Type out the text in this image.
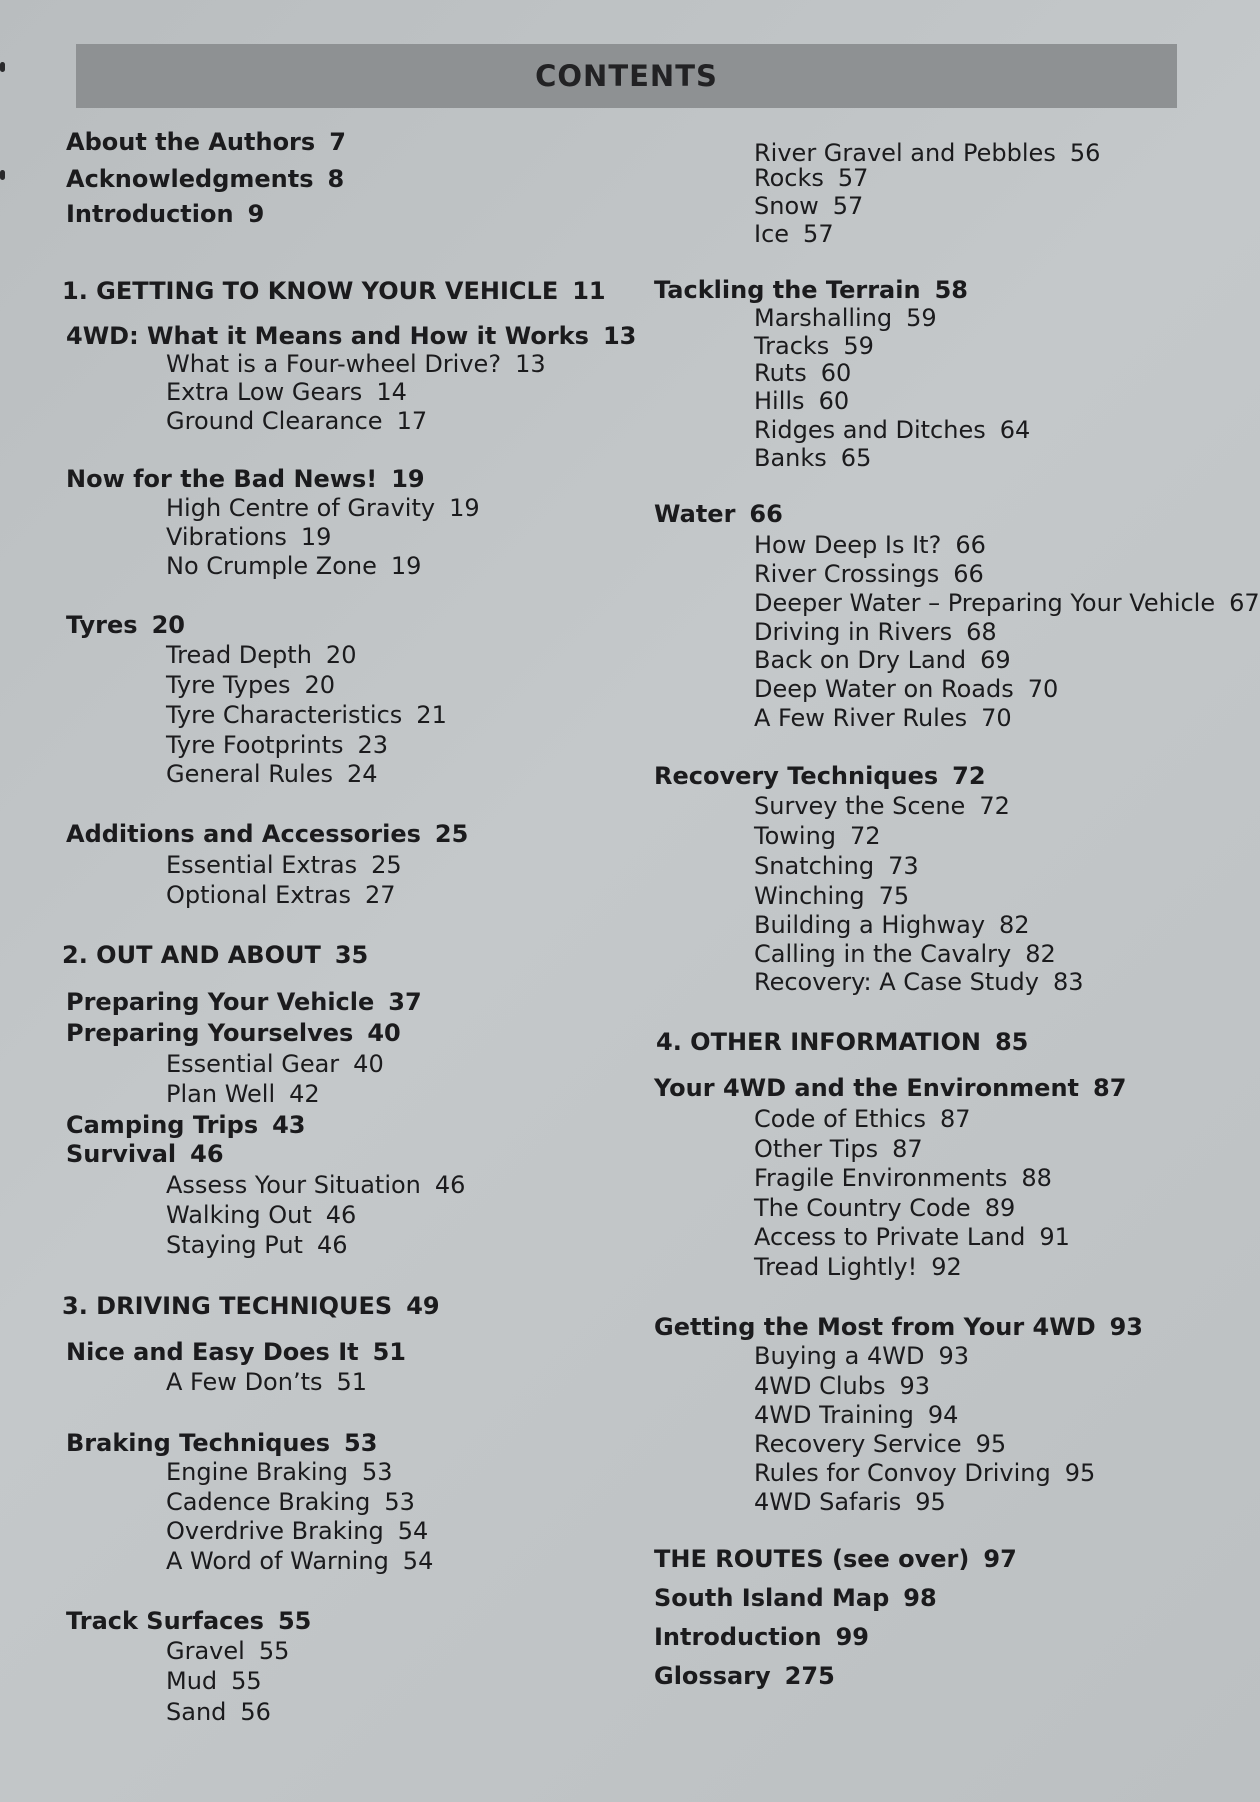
CONTENTS
About the Authors 7
Acknowledgments 8
Introduction 9
1. GETTING TO KNOW YOUR VEHICLE 11
4WD: What it Means and How it Works 13
What is a Four-wheel Drive? 13
Extra Low Gears 14
Ground Clearance 17
Now for the Bad News! 19
High Centre of Gravity 19
Vibrations 19
No Crumple Zone 19
Tyres 20
Tread Depth 20
Tyre Types 20
Tyre Characteristics 21
Tyre Footprints 23
General Rules 24
Additions and Accessories 25
Essential Extras 25
Optional Extras 27
2. OUT AND ABOUT 35
Preparing Your Vehicle 37
Preparing Yourselves 40
Essential Gear 40
Plan Well 42
Camping Trips 43
Survival 46
Assess Your Situation 46
Walking Out 46
Staying Put 46
3. DRIVING TECHNIQUES 49
Nice and Easy Does It 51
A Few Don’ts 51
Braking Techniques 53
Engine Braking 53
Cadence Braking 53
Overdrive Braking 54
A Word of Warning 54
Track Surfaces 55
Gravel 55
Mud 55
Sand 56
River Gravel and Pebbles 56
Rocks 57
Snow 57
Ice 57
Tackling the Terrain 58
Marshalling 59
Tracks 59
Ruts 60
Hills 60
Ridges and Ditches 64
Banks 65
Water 66
How Deep Is It? 66
River Crossings 66
Deeper Water – Preparing Your Vehicle 67
Driving in Rivers 68
Back on Dry Land 69
Deep Water on Roads 70
A Few River Rules 70
Recovery Techniques 72
Survey the Scene 72
Towing 72
Snatching 73
Winching 75
Building a Highway 82
Calling in the Cavalry 82
Recovery: A Case Study 83
4. OTHER INFORMATION 85
Your 4WD and the Environment 87
Code of Ethics 87
Other Tips 87
Fragile Environments 88
The Country Code 89
Access to Private Land 91
Tread Lightly! 92
Getting the Most from Your 4WD 93
Buying a 4WD 93
4WD Clubs 93
4WD Training 94
Recovery Service 95
Rules for Convoy Driving 95
4WD Safaris 95
THE ROUTES (see over) 97
South Island Map 98
Introduction 99
Glossary 275
